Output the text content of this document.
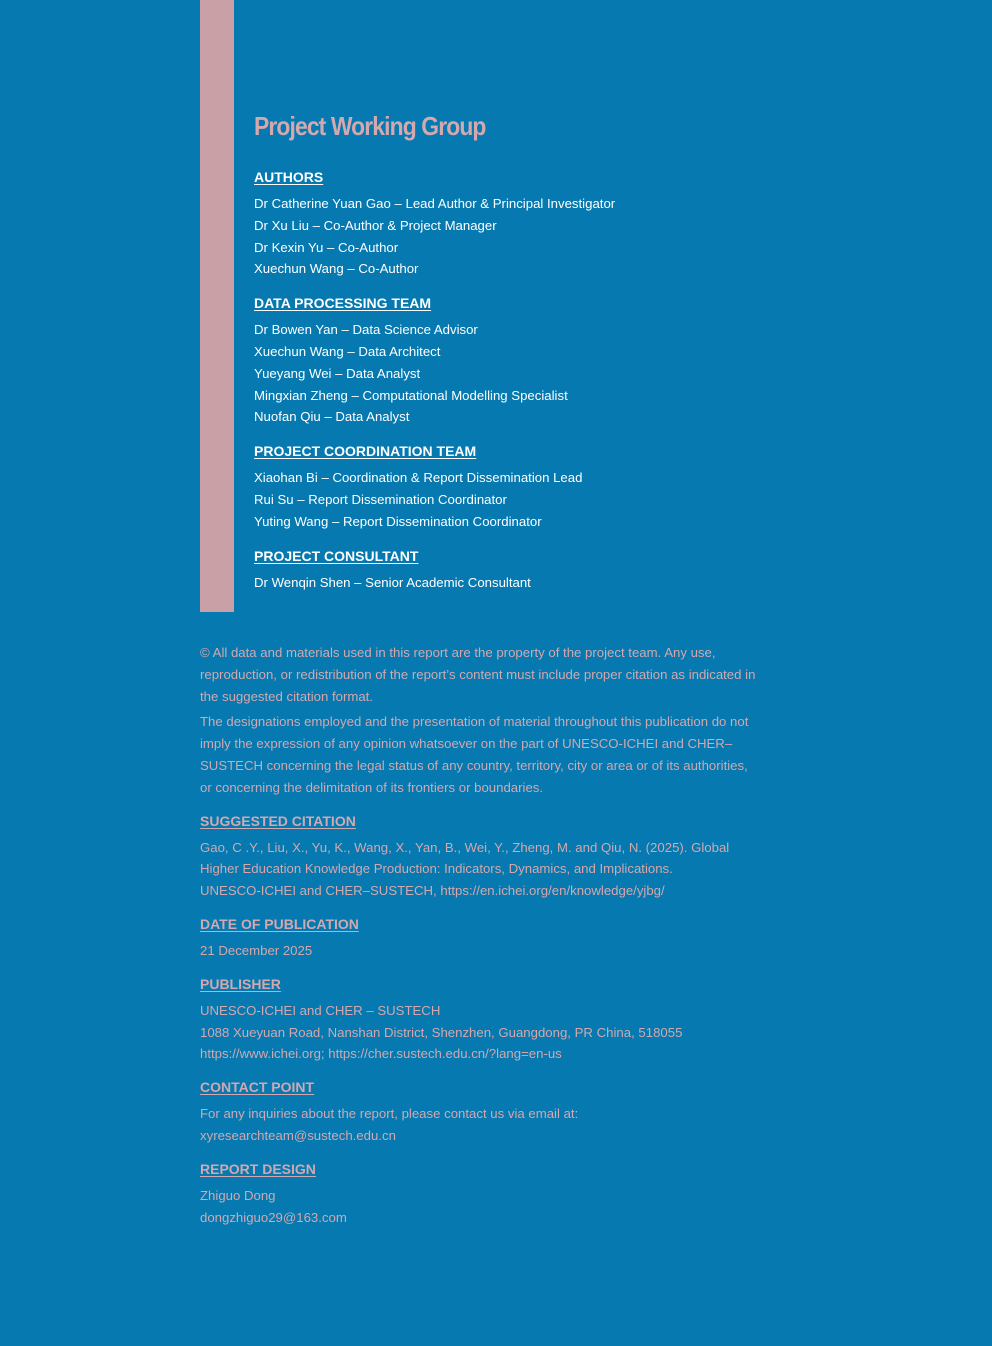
Project Working Group
AUTHORS
Dr Catherine Yuan Gao – Lead Author & Principal Investigator
Dr Xu Liu – Co-Author & Project Manager
Dr Kexin Yu – Co-Author
Xuechun Wang – Co-Author
DATA PROCESSING TEAM
Dr Bowen Yan – Data Science Advisor
Xuechun Wang – Data Architect
Yueyang Wei – Data Analyst
Mingxian Zheng – Computational Modelling Specialist
Nuofan Qiu – Data Analyst
PROJECT COORDINATION TEAM
Xiaohan Bi – Coordination & Report Dissemination Lead
Rui Su – Report Dissemination Coordinator
Yuting Wang – Report Dissemination Coordinator
PROJECT CONSULTANT
Dr Wenqin Shen – Senior Academic Consultant

© All data and materials used in this report are the property of the project team. Any use, reproduction, or redistribution of the report’s content must include proper citation as indicated in the suggested citation format.

The designations employed and the presentation of material throughout this publication do not imply the expression of any opinion whatsoever on the part of UNESCO-ICHEI and CHER–SUSTECH concerning the legal status of any country, territory, city or area or of its authorities, or concerning the delimitation of its frontiers or boundaries.

SUGGESTED CITATION
Gao, C .Y., Liu, X., Yu, K., Wang, X., Yan, B., Wei, Y., Zheng, M. and Qiu, N. (2025). Global
Higher Education Knowledge Production: Indicators, Dynamics, and Implications.
UNESCO-ICHEI and CHER–SUSTECH, https://en.ichei.org/en/knowledge/yjbg/
DATE OF PUBLICATION
21 December 2025
PUBLISHER
UNESCO-ICHEI and CHER – SUSTECH
1088 Xueyuan Road, Nanshan District, Shenzhen, Guangdong, PR China, 518055
https://www.ichei.org; https://cher.sustech.edu.cn/?lang=en-us
CONTACT POINT
For any inquiries about the report, please contact us via email at:
xyresearchteam@sustech.edu.cn
REPORT DESIGN
Zhiguo Dong
dongzhiguo29@163.com
